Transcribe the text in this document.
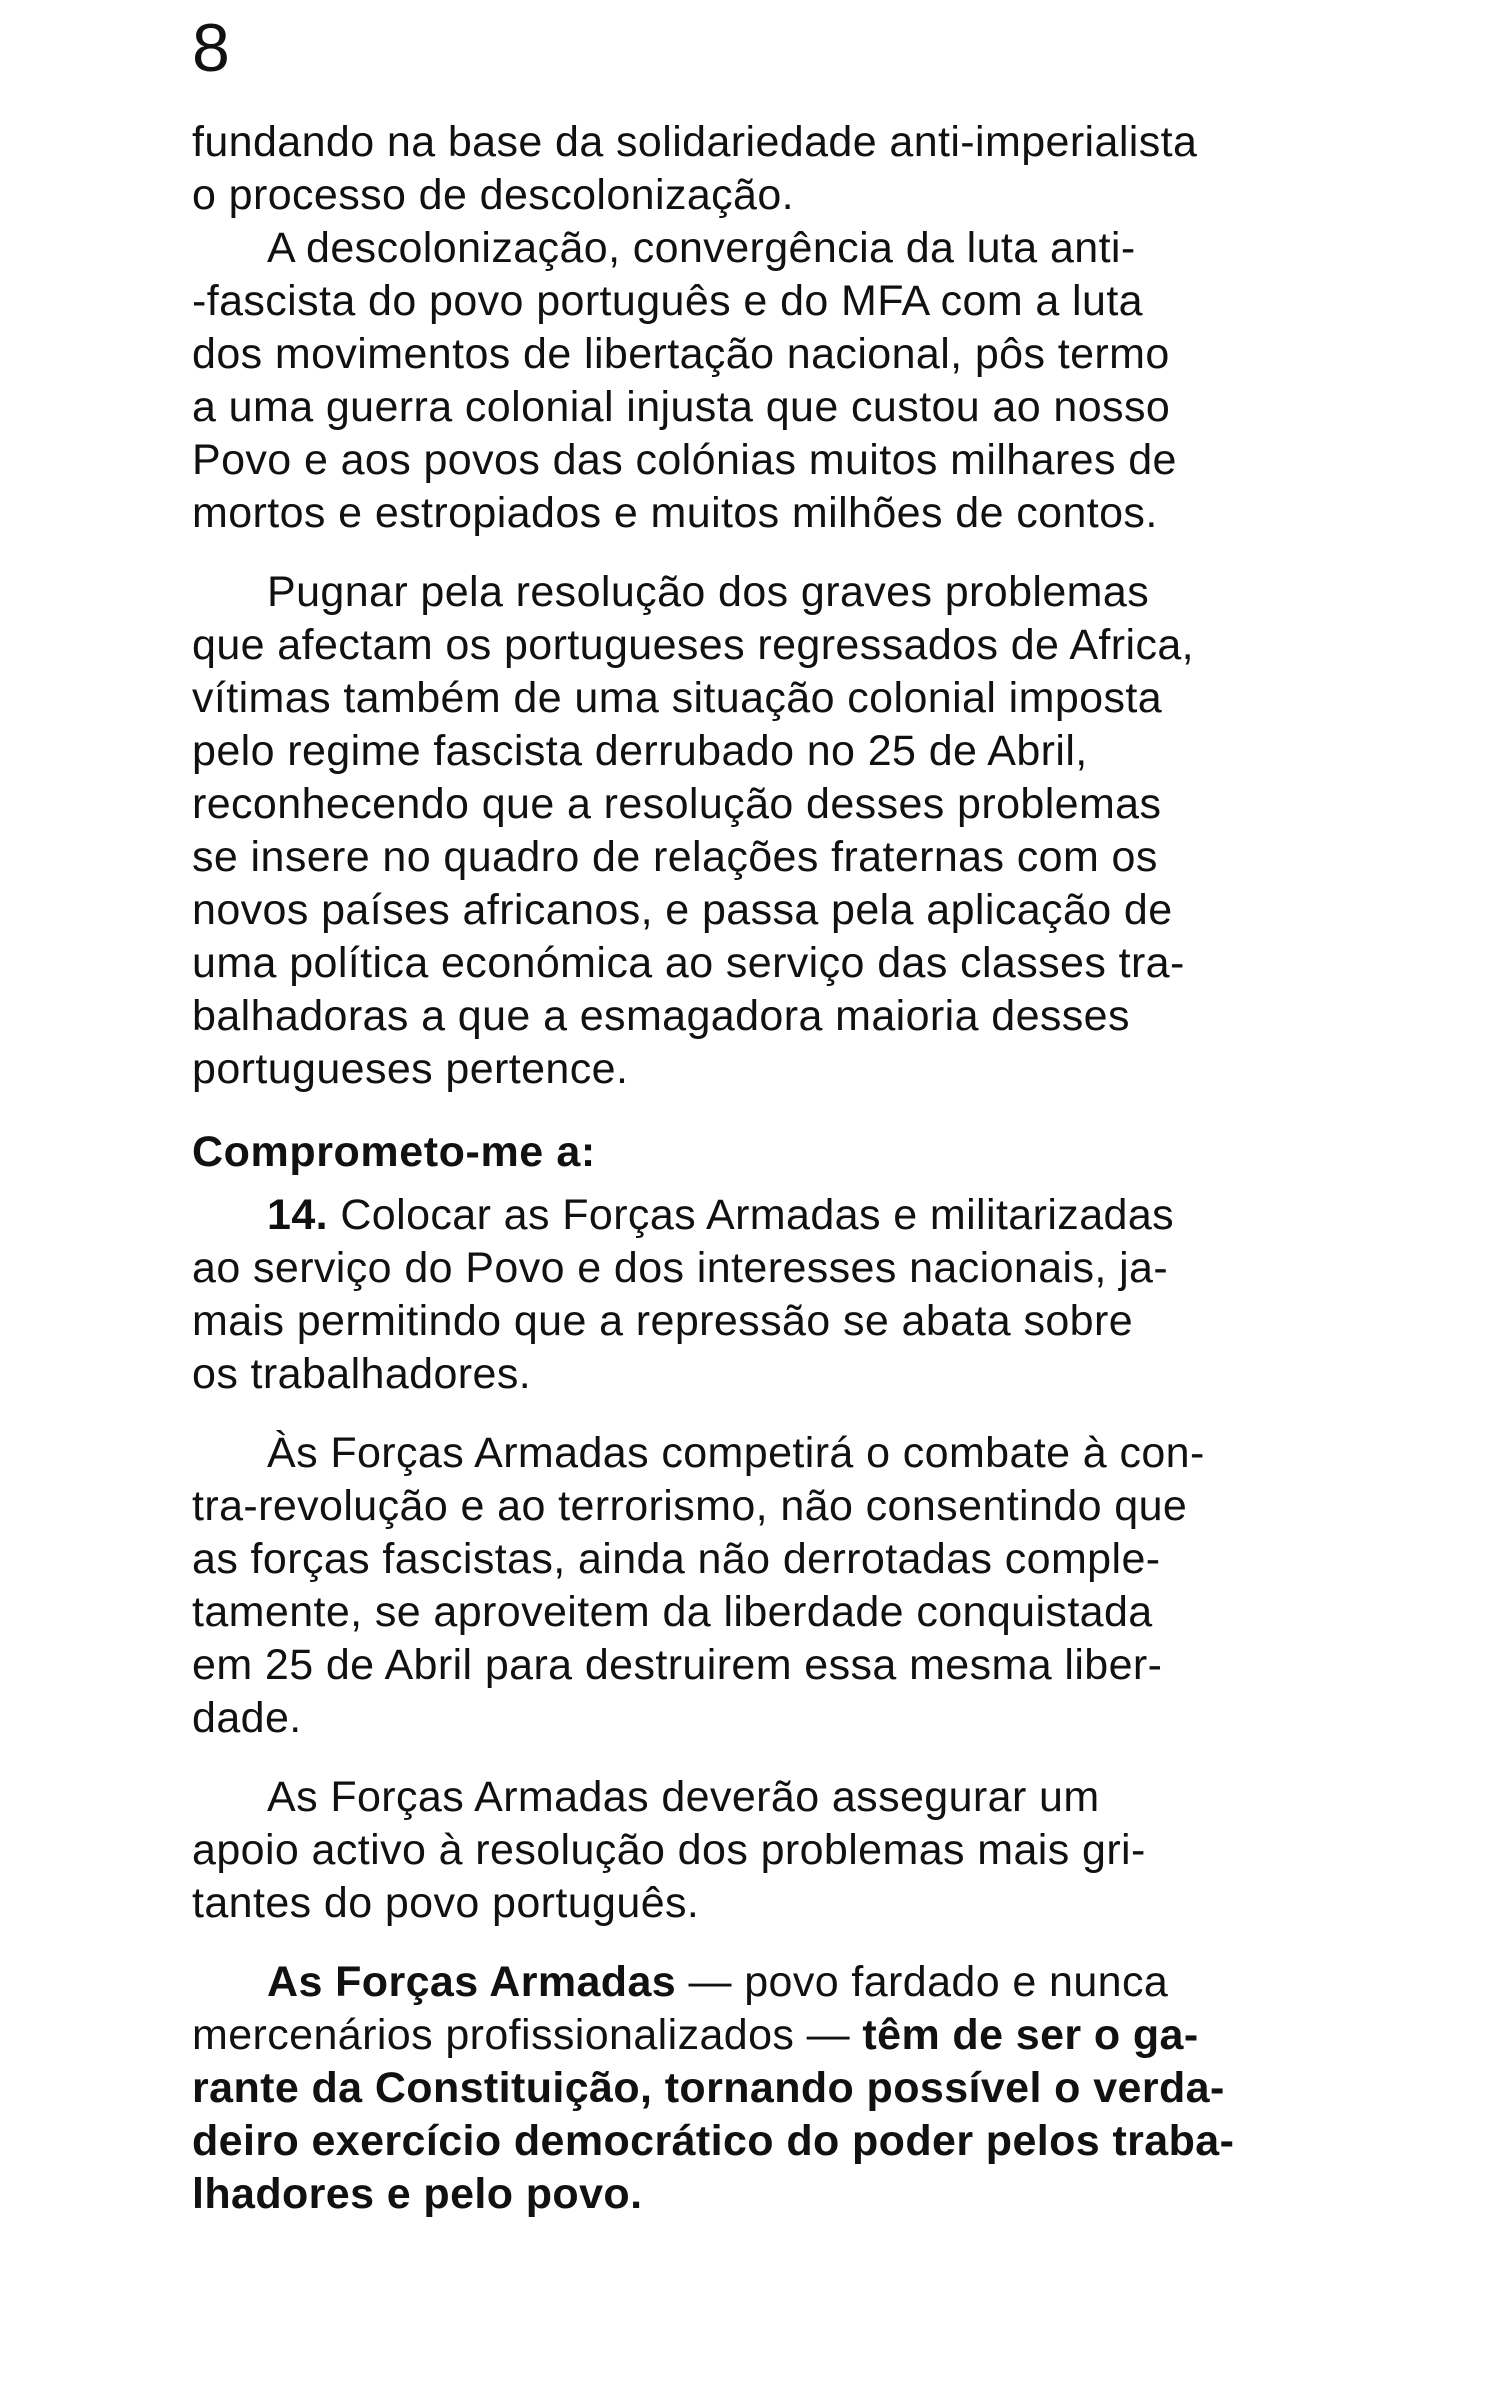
8

fundando na base da solidariedade anti-imperialista
o processo de descolonização.

A descolonização, convergência da luta anti-
-fascista do povo português e do MFA com a luta
dos movimentos de libertação nacional, pôs termo
a uma guerra colonial injusta que custou ao nosso
Povo e aos povos das colónias muitos milhares de
mortos e estropiados e muitos milhões de contos.

Pugnar pela resolução dos graves problemas
que afectam os portugueses regressados de Africa,
vítimas também de uma situação colonial imposta
pelo regime fascista derrubado no 25 de Abril,
reconhecendo que a resolução desses problemas
se insere no quadro de relações fraternas com os
novos países africanos, e passa pela aplicação de
uma política económica ao serviço das classes tra-
balhadoras a que a esmagadora maioria desses
portugueses pertence.

Comprometo-me a:

14. Colocar as Forças Armadas e militarizadas
ao serviço do Povo e dos interesses nacionais, ja-
mais permitindo que a repressão se abata sobre
os trabalhadores.

Às Forças Armadas competirá o combate à con-
tra-revolução e ao terrorismo, não consentindo que
as forças fascistas, ainda não derrotadas comple-
tamente, se aproveitem da liberdade conquistada
em 25 de Abril para destruirem essa mesma liber-
dade.

As Forças Armadas deverão assegurar um
apoio activo à resolução dos problemas mais gri-
tantes do povo português.

As Forças Armadas — povo fardado e nunca
mercenários profissionalizados — têm de ser o ga-
rante da Constituição, tornando possível o verda-
deiro exercício democrático do poder pelos traba-
lhadores e pelo povo.
